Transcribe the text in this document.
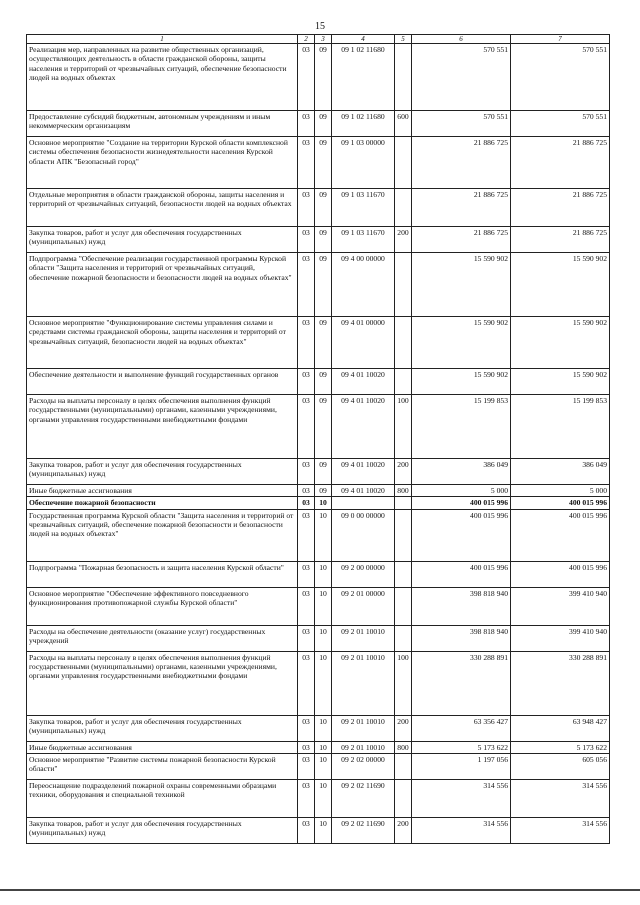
15
1	2	3	4	5	6	7
Реализация мер, направленных на развитие общественных организаций, осуществляющих деятельность в области гражданской обороны, защиты населения и территорий от чрезвычайных ситуаций, обеспечение безопасности людей на водных объектах	03	09	09 1 02 11680		570 551	570 551
Предоставление субсидий бюджетным, автономным учреждениям и иным некоммерческим организациям	03	09	09 1 02 11680	600	570 551	570 551
Основное мероприятие "Создание на территории Курской области комплексной системы обеспечения безопасности жизнедеятельности населения Курской области АПК "Безопасный город"	03	09	09 1 03 00000		21 886 725	21 886 725
Отдельные мероприятия в области гражданской обороны, защиты населения и территорий от чрезвычайных ситуаций, безопасности людей на водных объектах	03	09	09 1 03 11670		21 886 725	21 886 725
Закупка товаров, работ и услуг для обеспечения государственных (муниципальных) нужд	03	09	09 1 03 11670	200	21 886 725	21 886 725
Подпрограмма "Обеспечение реализации государственной программы Курской области "Защита населения и территорий от чрезвычайных ситуаций, обеспечение пожарной безопасности и безопасности людей на водных объектах"	03	09	09 4 00 00000		15 590 902	15 590 902
Основное мероприятие "Функционирование системы управления силами и средствами системы гражданской обороны, защиты населения и территорий от чрезвычайных ситуаций, безопасности людей на водных объектах"	03	09	09 4 01 00000		15 590 902	15 590 902
Обеспечение деятельности и выполнение функций государственных органов	03	09	09 4 01 10020		15 590 902	15 590 902
Расходы на выплаты персоналу в целях обеспечения выполнения функций государственными (муниципальными) органами, казенными учреждениями, органами управления государственными внебюджетными фондами	03	09	09 4 01 10020	100	15 199 853	15 199 853
Закупка товаров, работ и услуг для обеспечения государственных (муниципальных) нужд	03	09	09 4 01 10020	200	386 049	386 049
Иные бюджетные ассигнования	03	09	09 4 01 10020	800	5 000	5 000
Обеспечение пожарной безопасности	03	10			400 015 996	400 015 996
Государственная программа Курской области "Защита населения и территорий от чрезвычайных ситуаций, обеспечение пожарной безопасности и безопасности людей на водных объектах"	03	10	09 0 00 00000		400 015 996	400 015 996
Подпрограмма "Пожарная безопасность и защита населения Курской области"	03	10	09 2 00 00000		400 015 996	400 015 996
Основное мероприятие "Обеспечение эффективного повседневного функционирования противопожарной службы Курской области"	03	10	09 2 01 00000		398 818 940	399 410 940
Расходы на обеспечение деятельности (оказание услуг) государственных учреждений	03	10	09 2 01 10010		398 818 940	399 410 940
Расходы на выплаты персоналу в целях обеспечения выполнения функций государственными (муниципальными) органами, казенными учреждениями, органами управления государственными внебюджетными фондами	03	10	09 2 01 10010	100	330 288 891	330 288 891
Закупка товаров, работ и услуг для обеспечения государственных (муниципальных) нужд	03	10	09 2 01 10010	200	63 356 427	63 948 427
Иные бюджетные ассигнования	03	10	09 2 01 10010	800	5 173 622	5 173 622
Основное мероприятие "Развитие системы пожарной безопасности Курской области"	03	10	09 2 02 00000		1 197 056	605 056
Переоснащение подразделений пожарной охраны современными образцами техники, оборудования и специальной техникой	03	10	09 2 02 11690		314 556	314 556
Закупка товаров, работ и услуг для обеспечения государственных (муниципальных) нужд	03	10	09 2 02 11690	200	314 556	314 556
